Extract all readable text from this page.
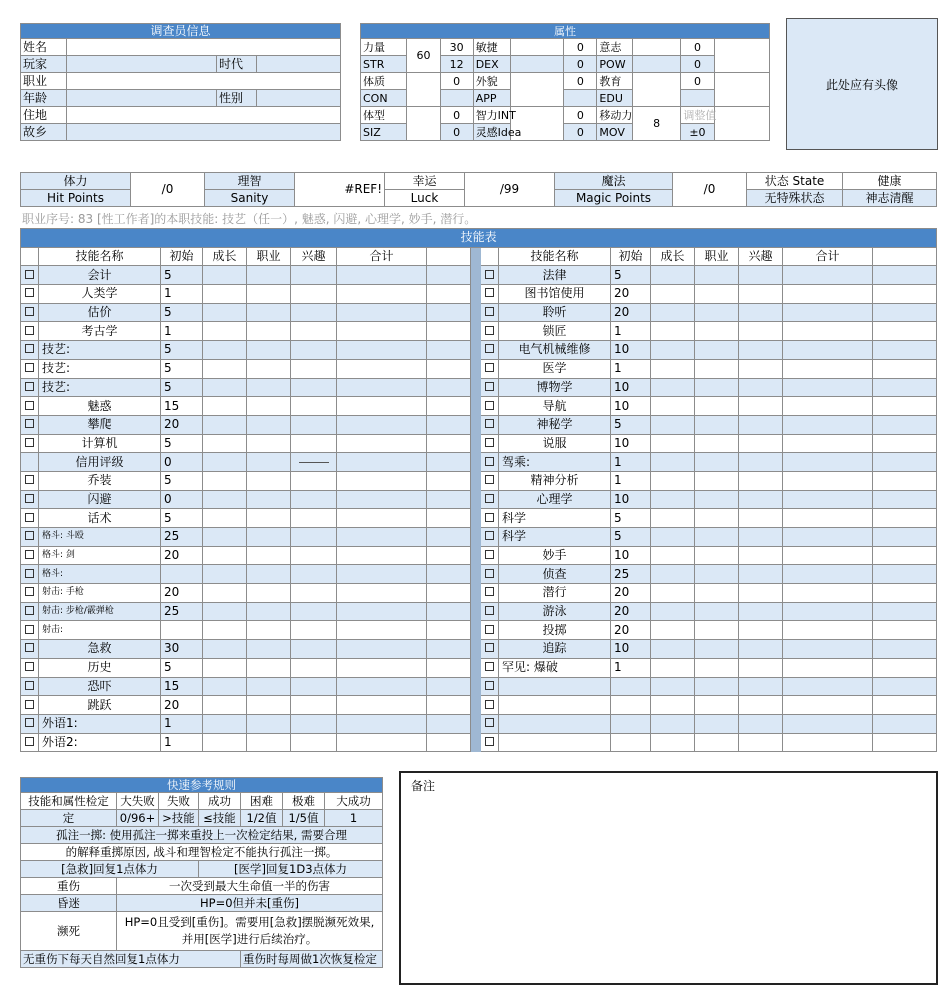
调查员信息			
姓名			
玩家		时代	
职业			
年龄		性别	
住地			
故乡			
属性									
力量	60	30	敏捷		0	意志		0	
STR		12	DEX		0	POW		0	
体质		0	外貌		0	教育		0	
CON			APP			EDU			
体型		0	智力INT		0	移动力	8	调整值	
SIZ		0	灵感Idea		0	MOV		±0	
此处应有头像
体力	/0	理智	#REF!	幸运	/99	魔法	/0	状态 State	健康
Hit Points		Sanity		Luck		Magic Points		无特殊状态	神志清醒
职业序号: 83 [性工作者]的本职技能: 技艺（任一）, 魅惑, 闪避, 心理学, 妙手, 潜行。
技能表																
	技能名称	初始	成长	职业	兴趣	合计				技能名称	初始	成长	职业	兴趣	合计	
	会计	5								法律	5					
	人类学	1								图书馆使用	20					
	估价	5								聆听	20					
	考古学	1								锁匠	1					
	技艺:	5								电气机械维修	10					
	技艺:	5								医学	1					
	技艺:	5								博物学	10					
	魅惑	15								导航	10					
	攀爬	20								神秘学	5					
	计算机	5								说服	10					
	信用评级	0								驾乘:	1					
	乔装	5								精神分析	1					
	闪避	0								心理学	10					
	话术	5								科学	5					
	格斗: 斗殴	25								科学	5					
	格斗: 剑	20								妙手	10					
	格斗:									侦查	25					
	射击: 手枪	20								潜行	20					
	射击: 步枪/霰弹枪	25								游泳	20					
	射击:									投掷	20					
	急救	30								追踪	10					
	历史	5								罕见: 爆破	1					
	恐吓	15														
	跳跃	20														
	外语1:	1														
	外语2:	1														
快速参考规则						
技能和属性检定	大失败	失败	成功	困难	极难	大成功
定	0/96+	>技能	≤技能	1/2值	1/5值	1
孤注一掷: 使用孤注一掷来重投上一次检定结果, 需要合理						
的解释重掷原因, 战斗和理智检定不能执行孤注一掷。						
[急救]回复1点体力			[医学]回复1D3点体力			
重伤	一次受到最大生命值一半的伤害					
昏迷	HP=0但并未[重伤]					
濒死	HP=0且受到[重伤]。需要用[急救]摆脱濒死效果, 并用[医学]进行后续治疗。					
无重伤下每天自然回复1点体力				重伤时每周做1次恢复检定		
备注
